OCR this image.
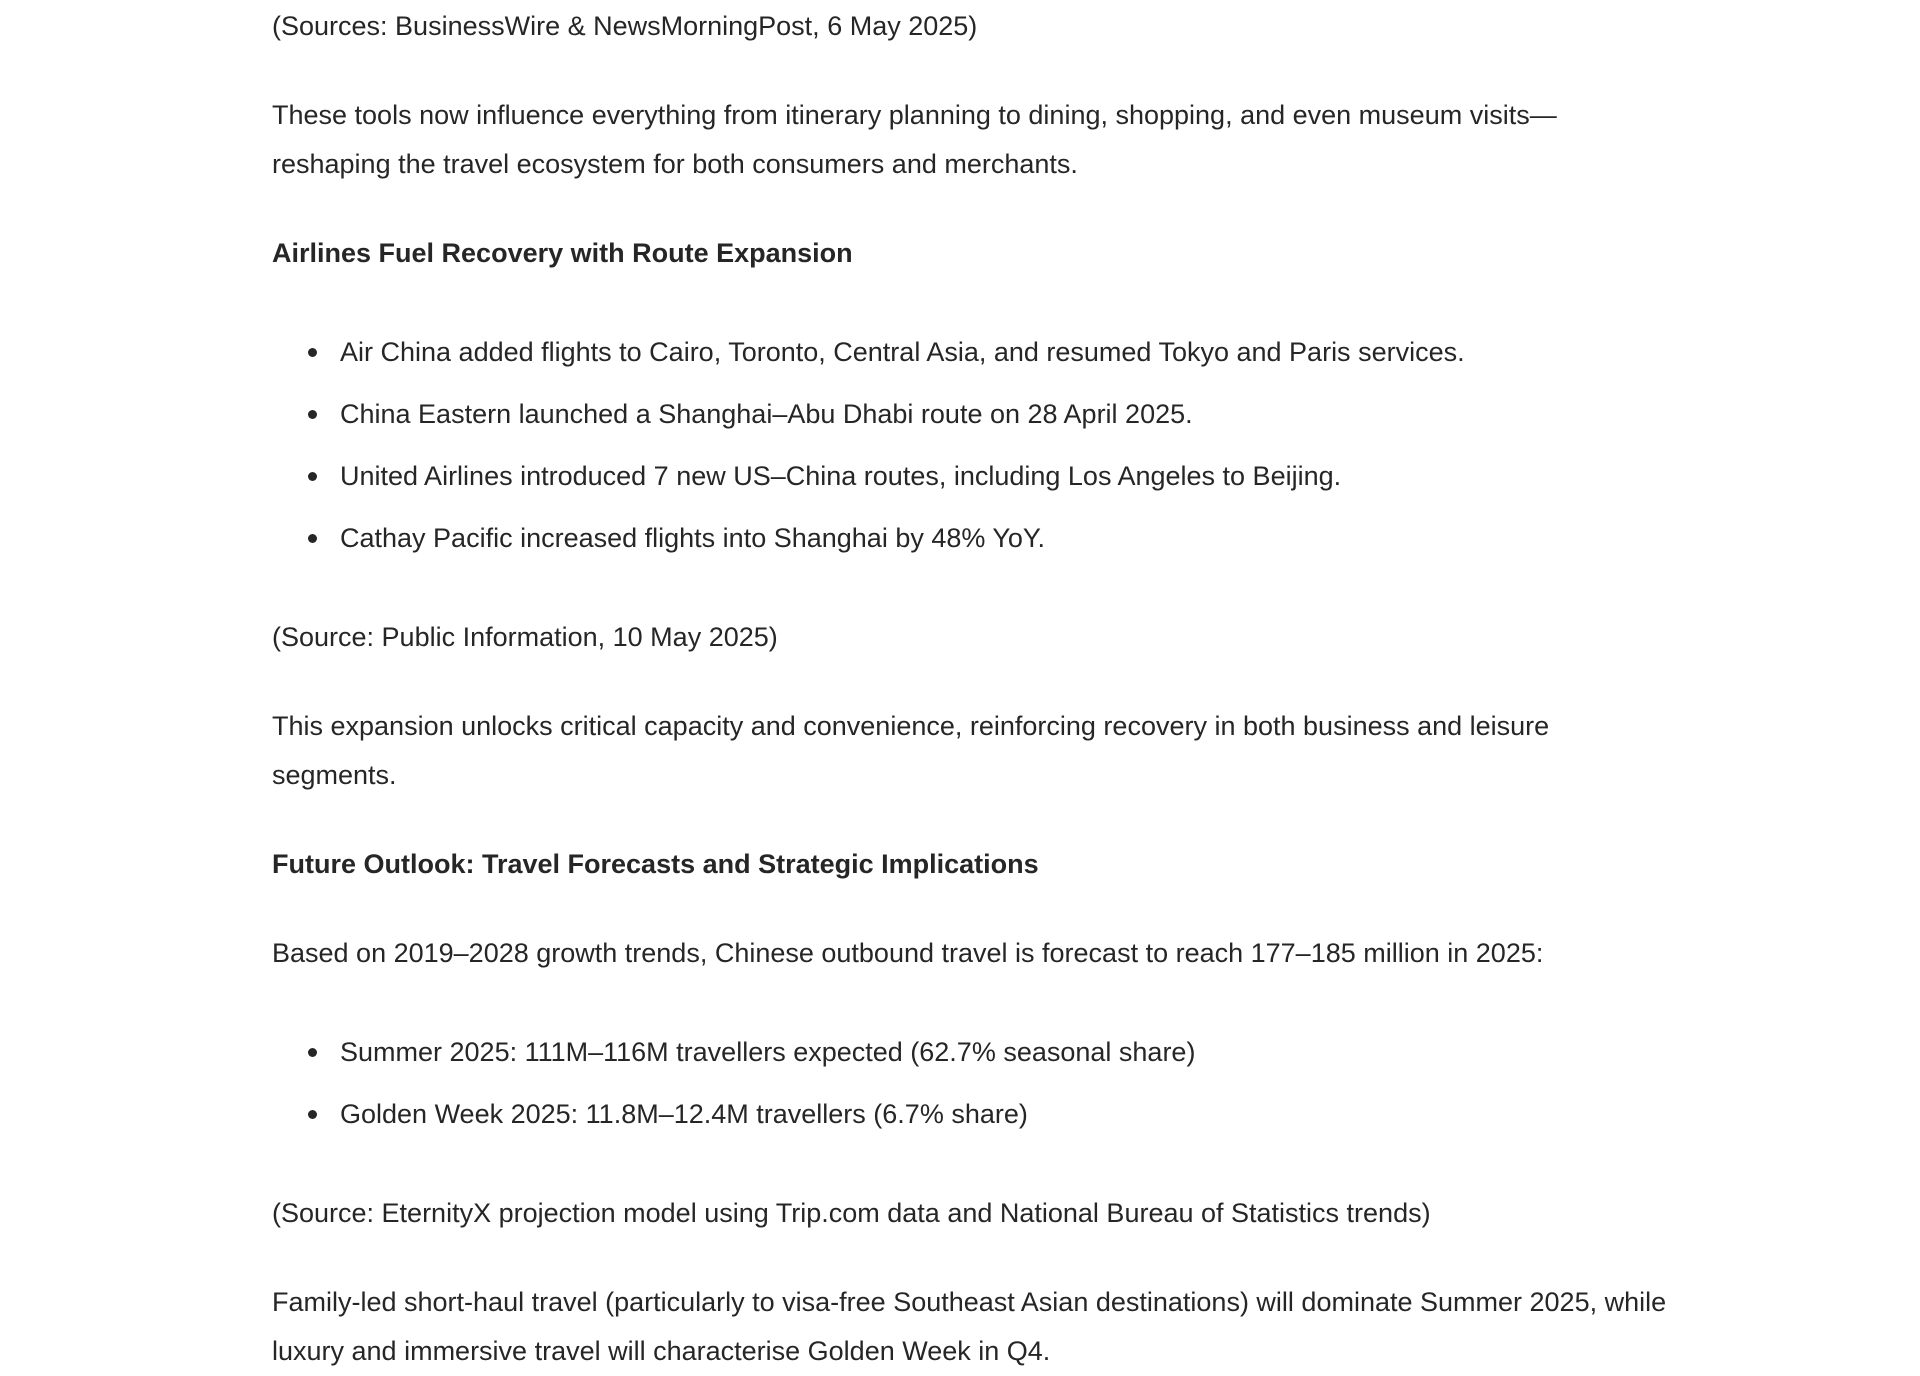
(Sources: BusinessWire & NewsMorningPost, 6 May 2025)

These tools now influence everything from itinerary planning to dining, shopping, and even museum visits—reshaping the travel ecosystem for both consumers and merchants.

Airlines Fuel Recovery with Route Expansion

Air China added flights to Cairo, Toronto, Central Asia, and resumed Tokyo and Paris services.
China Eastern launched a Shanghai–Abu Dhabi route on 28 April 2025.
United Airlines introduced 7 new US–China routes, including Los Angeles to Beijing.
Cathay Pacific increased flights into Shanghai by 48% YoY.

(Source: Public Information, 10 May 2025)

This expansion unlocks critical capacity and convenience, reinforcing recovery in both business and leisure segments.

Future Outlook: Travel Forecasts and Strategic Implications

Based on 2019–2028 growth trends, Chinese outbound travel is forecast to reach 177–185 million in 2025:

Summer 2025: 111M–116M travellers expected (62.7% seasonal share)
Golden Week 2025: 11.8M–12.4M travellers (6.7% share)

(Source: EternityX projection model using Trip.com data and National Bureau of Statistics trends)

Family-led short-haul travel (particularly to visa-free Southeast Asian destinations) will dominate Summer 2025, while luxury and immersive travel will characterise Golden Week in Q4.
